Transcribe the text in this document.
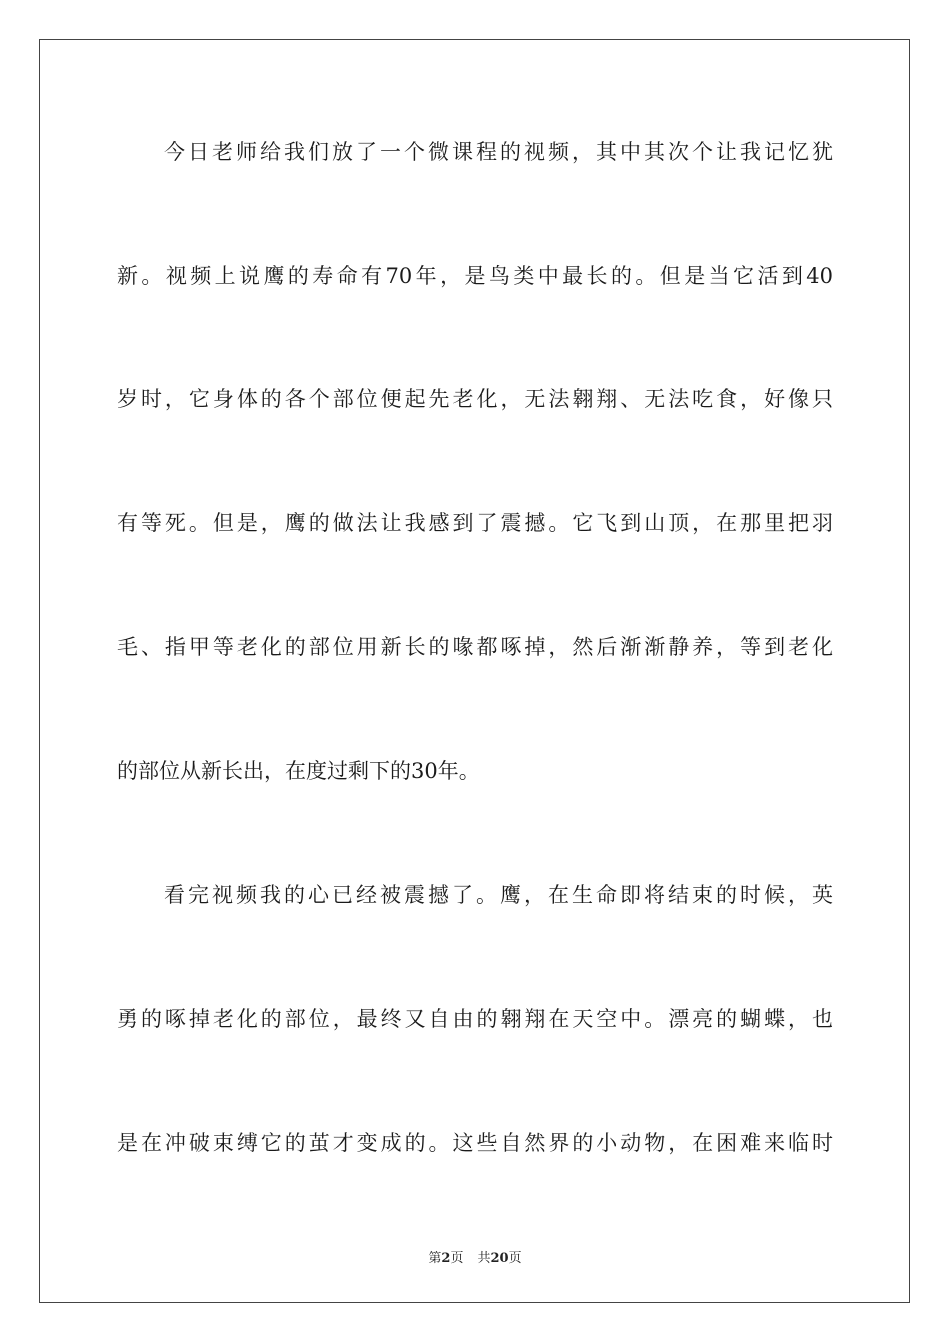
今日老师给我们放了一个微课程的视频，其中其次个让我记忆犹
新。视频上说鹰的寿命有70年，是鸟类中最长的。但是当它活到40
岁时，它身体的各个部位便起先老化，无法翱翔、无法吃食，好像只
有等死。但是，鹰的做法让我感到了震撼。它飞到山顶，在那里把羽
毛、指甲等老化的部位用新长的喙都啄掉，然后渐渐静养，等到老化
的部位从新长出，在度过剩下的30年。
看完视频我的心已经被震撼了。鹰，在生命即将结束的时候，英
勇的啄掉老化的部位，最终又自由的翱翔在天空中。漂亮的蝴蝶，也
是在冲破束缚它的茧才变成的。这些自然界的小动物，在困难来临时
第2页 共20页
